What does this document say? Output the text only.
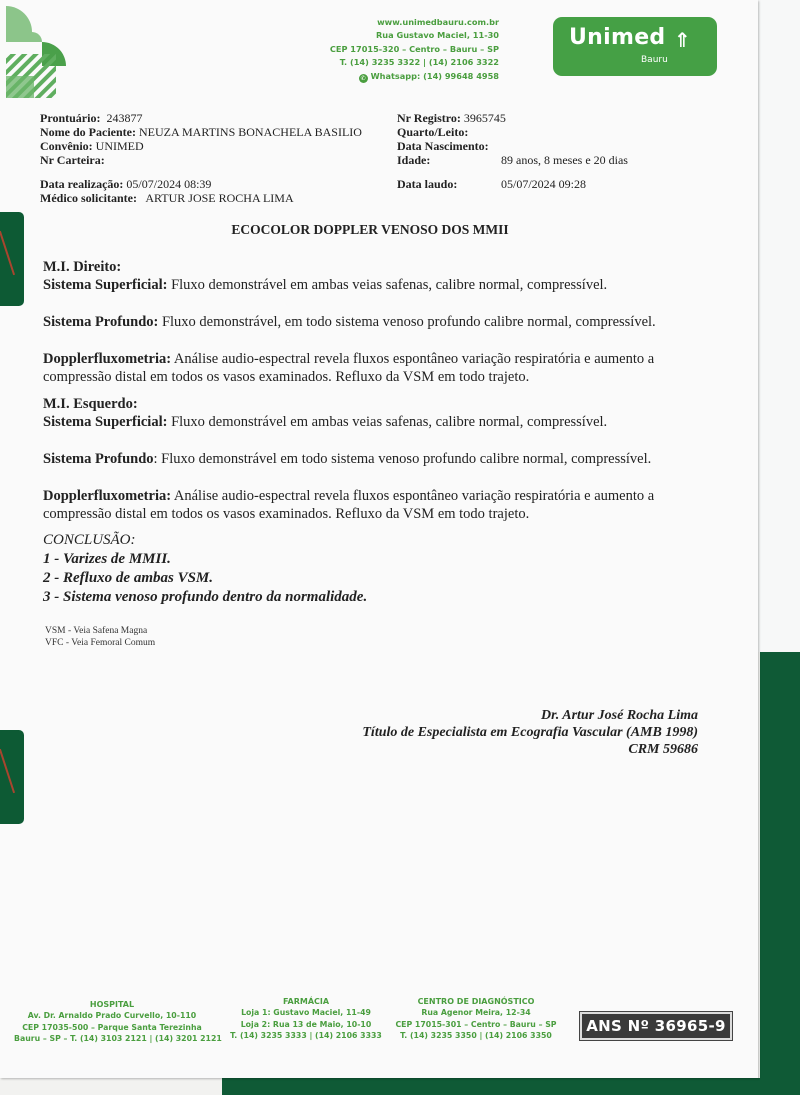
www.unimedbauru.com.br
Rua Gustavo Maciel, 11-30
CEP 17015-320 – Centro – Bauru – SP
T. (14) 3235 3322 | (14) 2106 3322
✆ Whatsapp: (14) 99648 4958
Unimed ⇑
Bauru
Prontuário: 243877
Nome do Paciente: NEUZA MARTINS BONACHELA BASILIO
Convênio: UNIMED
Nr Carteira:
Data realização: 05/07/2024 08:39
Médico solicitante: ARTUR JOSE ROCHA LIMA
Nr Registro: 3965745
Quarto/Leito:
Data Nascimento:
Idade:	89 anos, 8 meses e 20 dias
Data laudo:	05/07/2024 09:28
ECOCOLOR DOPPLER VENOSO DOS MMII
M.I. Direito:

Sistema Superficial: Fluxo demonstrável em ambas veias safenas, calibre normal, compressível.

Sistema Profundo: Fluxo demonstrável, em todo sistema venoso profundo calibre normal, compressível.

Dopplerfluxometria: Análise audio-espectral revela fluxos espontâneo variação respiratória e aumento a compressão distal em todos os vasos examinados. Refluxo da VSM em todo trajeto.

M.I. Esquerdo:

Sistema Superficial: Fluxo demonstrável em ambas veias safenas, calibre normal, compressível.

Sistema Profundo: Fluxo demonstrável em todo sistema venoso profundo calibre normal, compressível.

Dopplerfluxometria: Análise audio-espectral revela fluxos espontâneo variação respiratória e aumento a compressão distal em todos os vasos examinados. Refluxo da VSM em todo trajeto.

CONCLUSÃO:
1 - Varizes de MMII.
2 - Refluxo de ambas VSM.
3 - Sistema venoso profundo dentro da normalidade.
VSM - Veia Safena Magna
VFC - Veia Femoral Comum
Dr. Artur José Rocha Lima
Título de Especialista em Ecografia Vascular (AMB 1998)
CRM 59686
HOSPITAL
Av. Dr. Arnaldo Prado Curvello, 10-110
CEP 17035-500 – Parque Santa Terezinha
Bauru – SP – T. (14) 3103 2121 | (14) 3201 2121
FARMÁCIA
Loja 1: Gustavo Maciel, 11-49
Loja 2: Rua 13 de Maio, 10-10
T. (14) 3235 3333 | (14) 2106 3333
CENTRO DE DIAGNÓSTICO
Rua Agenor Meira, 12-34
CEP 17015-301 – Centro – Bauru – SP
T. (14) 3235 3350 | (14) 2106 3350
ANS Nº 36965-9
